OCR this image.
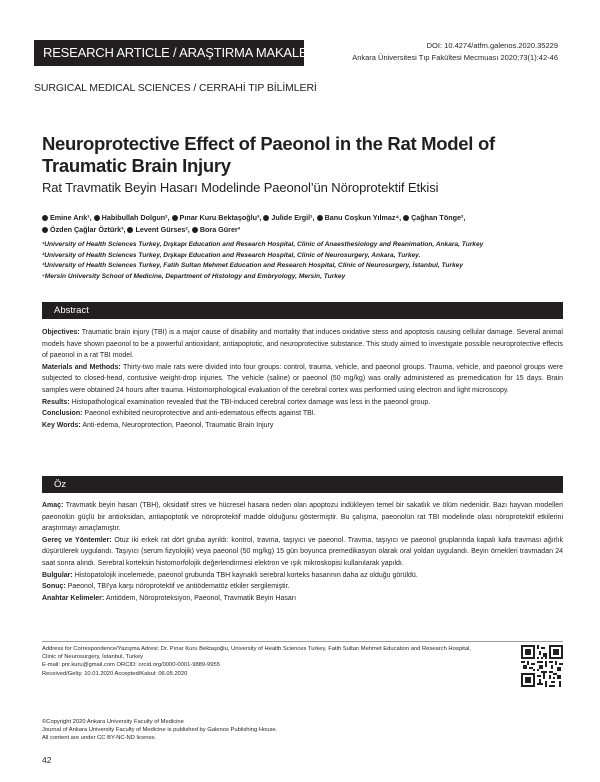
RESEARCH ARTICLE / ARAŞTIRMA MAKALESİ	DOI: 10.4274/atfm.galenos.2020.35229
Ankara Üniversitesi Tıp Fakültesi Mecmuası 2020;73(1):42-46
SURGICAL MEDICAL SCIENCES / CERRAHİ TIP BİLİMLERİ
Neuroprotective Effect of Paeonol in the Rat Model of Traumatic Brain Injury
Rat Travmatik Beyin Hasarı Modelinde Paeonol’ün Nöroprotektif Etkisi
Emine Arık¹, Habibullah Dolgun², Pınar Kuru Bektaşoğlu³, Julide Ergil¹, Banu Coşkun Yılmaz⁴, Çağhan Tönge²,
Özden Çağlar Öztürk³, Levent Gürses², Bora Gürer³
¹University of Health Sciences Turkey, Dışkapı Education and Research Hospital, Clinic of Anaesthesiology and Reanimation, Ankara, Turkey
²University of Health Sciences Turkey, Dışkapı Education and Research Hospital, Clinic of Neurosurgery, Ankara, Turkey.
³University of Health Sciences Turkey, Fatih Sultan Mehmet Education and Research Hospital, Clinic of Neurosurgery, İstanbul, Turkey
⁴Mersin University School of Medicine, Department of Histology and Embryology, Mersin, Turkey
Abstract

Objectives: Traumatic brain injury (TBI) is a major cause of disability and mortality that induces oxidative stess and apoptosis causing cellular damage. Several animal models have shown paeonol to be a powerful antioxidant, antiapoptotic, and neuroprotective substance. This study aimed to investigate possible neuroprotective effects of paeonol in a rat TBI model.

Materials and Methods: Thirty-two male rats were divided into four groups: control, trauma, vehicle, and paeonol groups. Trauma, vehicle, and paeonol groups were subjected to closed-head, contusive weight-drop injuries. The vehicle (saline) or paeonol (50 mg/kg) was orally administered as premedication for 15 days. Brain samples were obtained 24 hours after trauma. Histomorphological evaluation of the cerebral cortex was performed using electron and light microscopy.

Results: Histopathological examination revealed that the TBI-induced cerebral cortex damage was less in the paeonol group.

Conclusion: Paeonol exhibited neuroprotective and anti-edematous effects against TBI.

Key Words: Anti-edema, Neuroprotection, Paeonol, Traumatic Brain Injury

Öz

Amaç: Travmatik beyin hasarı (TBH), oksidatif stres ve hücresel hasara neden olan apoptozu indükleyen temel bir sakatlık ve ölüm nedenidir. Bazı hayvan modelleri paeonolün güçlü bir antioksidan, antiapoptotik ve nöroprotektif madde olduğunu göstermiştir. Bu çalışma, paeonolün rat TBI modelinde olası nöroprotektif etkilerini araştırmayı amaçlamıştır.

Gereç ve Yöntemler: Otuz iki erkek rat dört gruba ayrıldı: kontrol, travma, taşıyıcı ve paeonol. Travma, taşıyıcı ve paeonol gruplarında kapalı kafa travması ağırlık düşürülerek uygulandı. Taşıyıcı (serum fizyolojik) veya paeonol (50 mg/kg) 15 gün boyunca premedikasyon olarak oral yoldan uygulandı. Beyin örnekleri travmadan 24 saat sonra alındı. Serebral korteksin histomorfolojik değerlendirmesi elektron ve ışık mikroskopisi kullanılarak yapıldı.

Bulgular: Histopatolojik incelemede, paeonol grubunda TBH kaynaklı serebral korteks hasarının daha az olduğu görüldü.

Sonuç: Paeonol, TBI'ya karşı nöroprotektif ve antiödematöz etkiler sergilemiştir.

Anahtar Kelimeler: Antiödem, Nöroproteksiyon, Paeonol, Travmatik Beyin Hasarı

Address for Correspondence/Yazışma Adresi: Dr. Pınar Kuru Bektaşoğlu, University of Health Sciences Turkey, Fatih Sultan Mehmet Education and Research Hospital,
Clinic of Neurosurgery, İstanbul, Turkey
E-mail: pnr.kuru@gmail.com ORCID: orcid.org/0000-0001-9889-9955
Received/Geliş: 10.01.2020 Accepted/Kabul: 06.05.2020
©Copyright 2020 Ankara University Faculty of Medicine
Journal of Ankara University Faculty of Medicine is published by Galenos Publishing House.
All content are under CC BY-NC-ND license.
42
